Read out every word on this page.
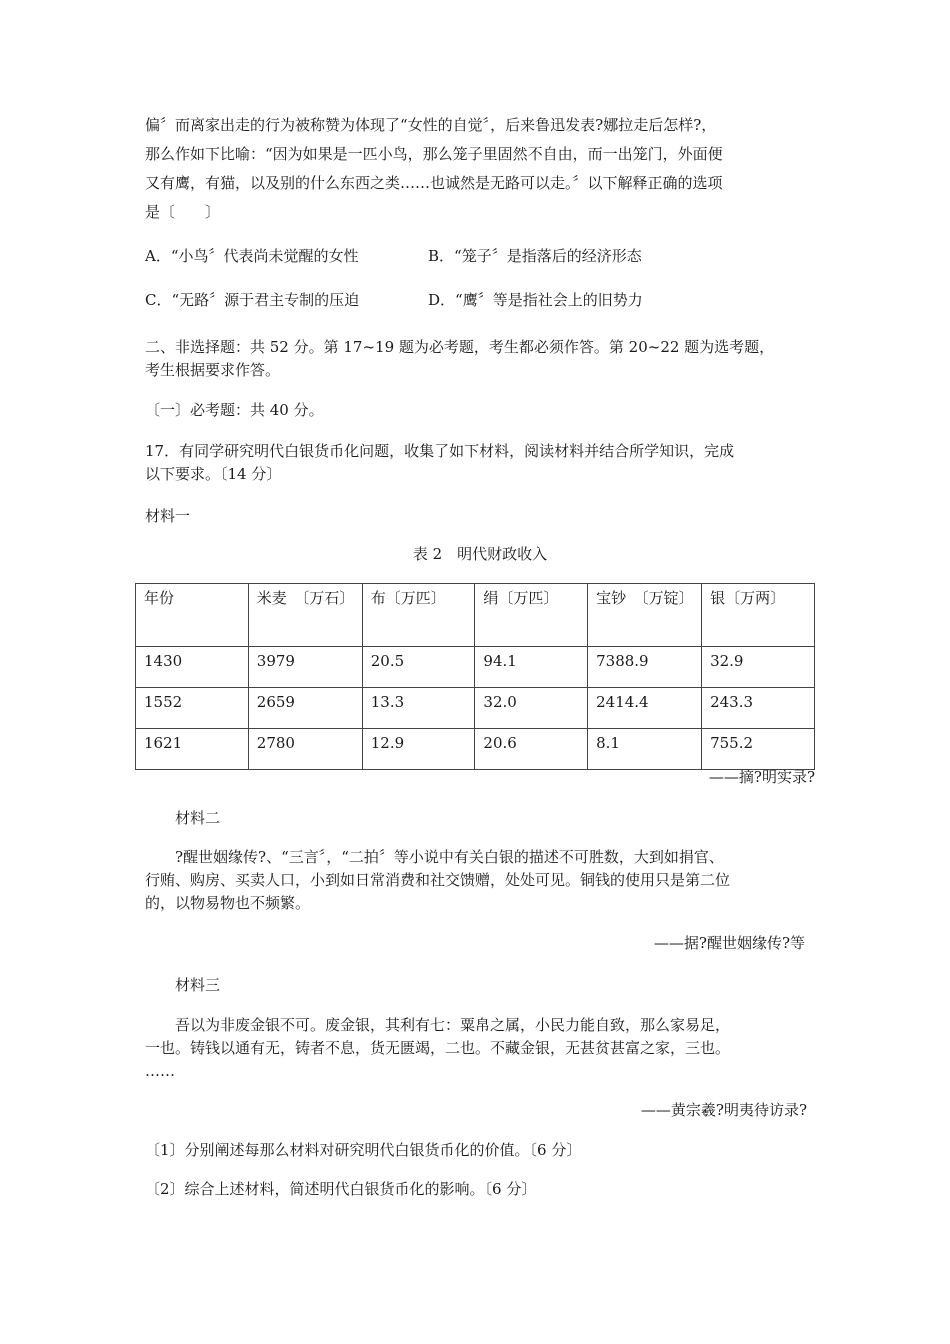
偏〞而离家出走的行为被称赞为体现了“女性的自觉〞，后来鲁迅发表?娜拉走后怎样?，
那么作如下比喻：“因为如果是一匹小鸟，那么笼子里固然不自由，而一出笼门，外面便
又有鹰，有猫，以及别的什么东西之类……也诚然是无路可以走。〞以下解释正确的选项
是〔　　〕
A．“小鸟〞代表尚未觉醒的女性	B．“笼子〞是指落后的经济形态
C．“无路〞源于君主专制的压迫	D．“鹰〞等是指社会上的旧势力
二、非选择题：共 52 分。第 17~19 题为必考题，考生都必须作答。第 20~22 题为选考题，
考生根据要求作答。
〔一〕必考题：共 40 分。
17．有同学研究明代白银货币化问题，收集了如下材料，阅读材料并结合所学知识，完成
以下要求。〔14 分〕
材料一
表 2　明代财政收入
年份	米麦　〔万石〕	布〔万匹〕	绢〔万匹〕	宝钞　〔万锭〕	银〔万两〕
1430	3979	20.5	94.1	7388.9	32.9
1552	2659	13.3	32.0	2414.4	243.3
1621	2780	12.9	20.6	8.1	755.2
——摘?明实录?
材料二
?醒世姻缘传?、“三言〞，“二拍〞等小说中有关白银的描述不可胜数，大到如捐官、
行贿、购房、买卖人口，小到如日常消费和社交馈赠，处处可见。铜钱的使用只是第二位
的，以物易物也不频繁。
——据?醒世姻缘传?等
材料三
吾以为非废金银不可。废金银，其利有七：粟帛之属，小民力能自致，那么家易足，
一也。铸钱以通有无，铸者不息，货无匮竭，二也。不藏金银，无甚贫甚富之家，三也。
……
——黄宗羲?明夷待访录?
〔1〕分别阐述每那么材料对研究明代白银货币化的价值。〔6 分〕
〔2〕综合上述材料，简述明代白银货币化的影响。〔6 分〕
